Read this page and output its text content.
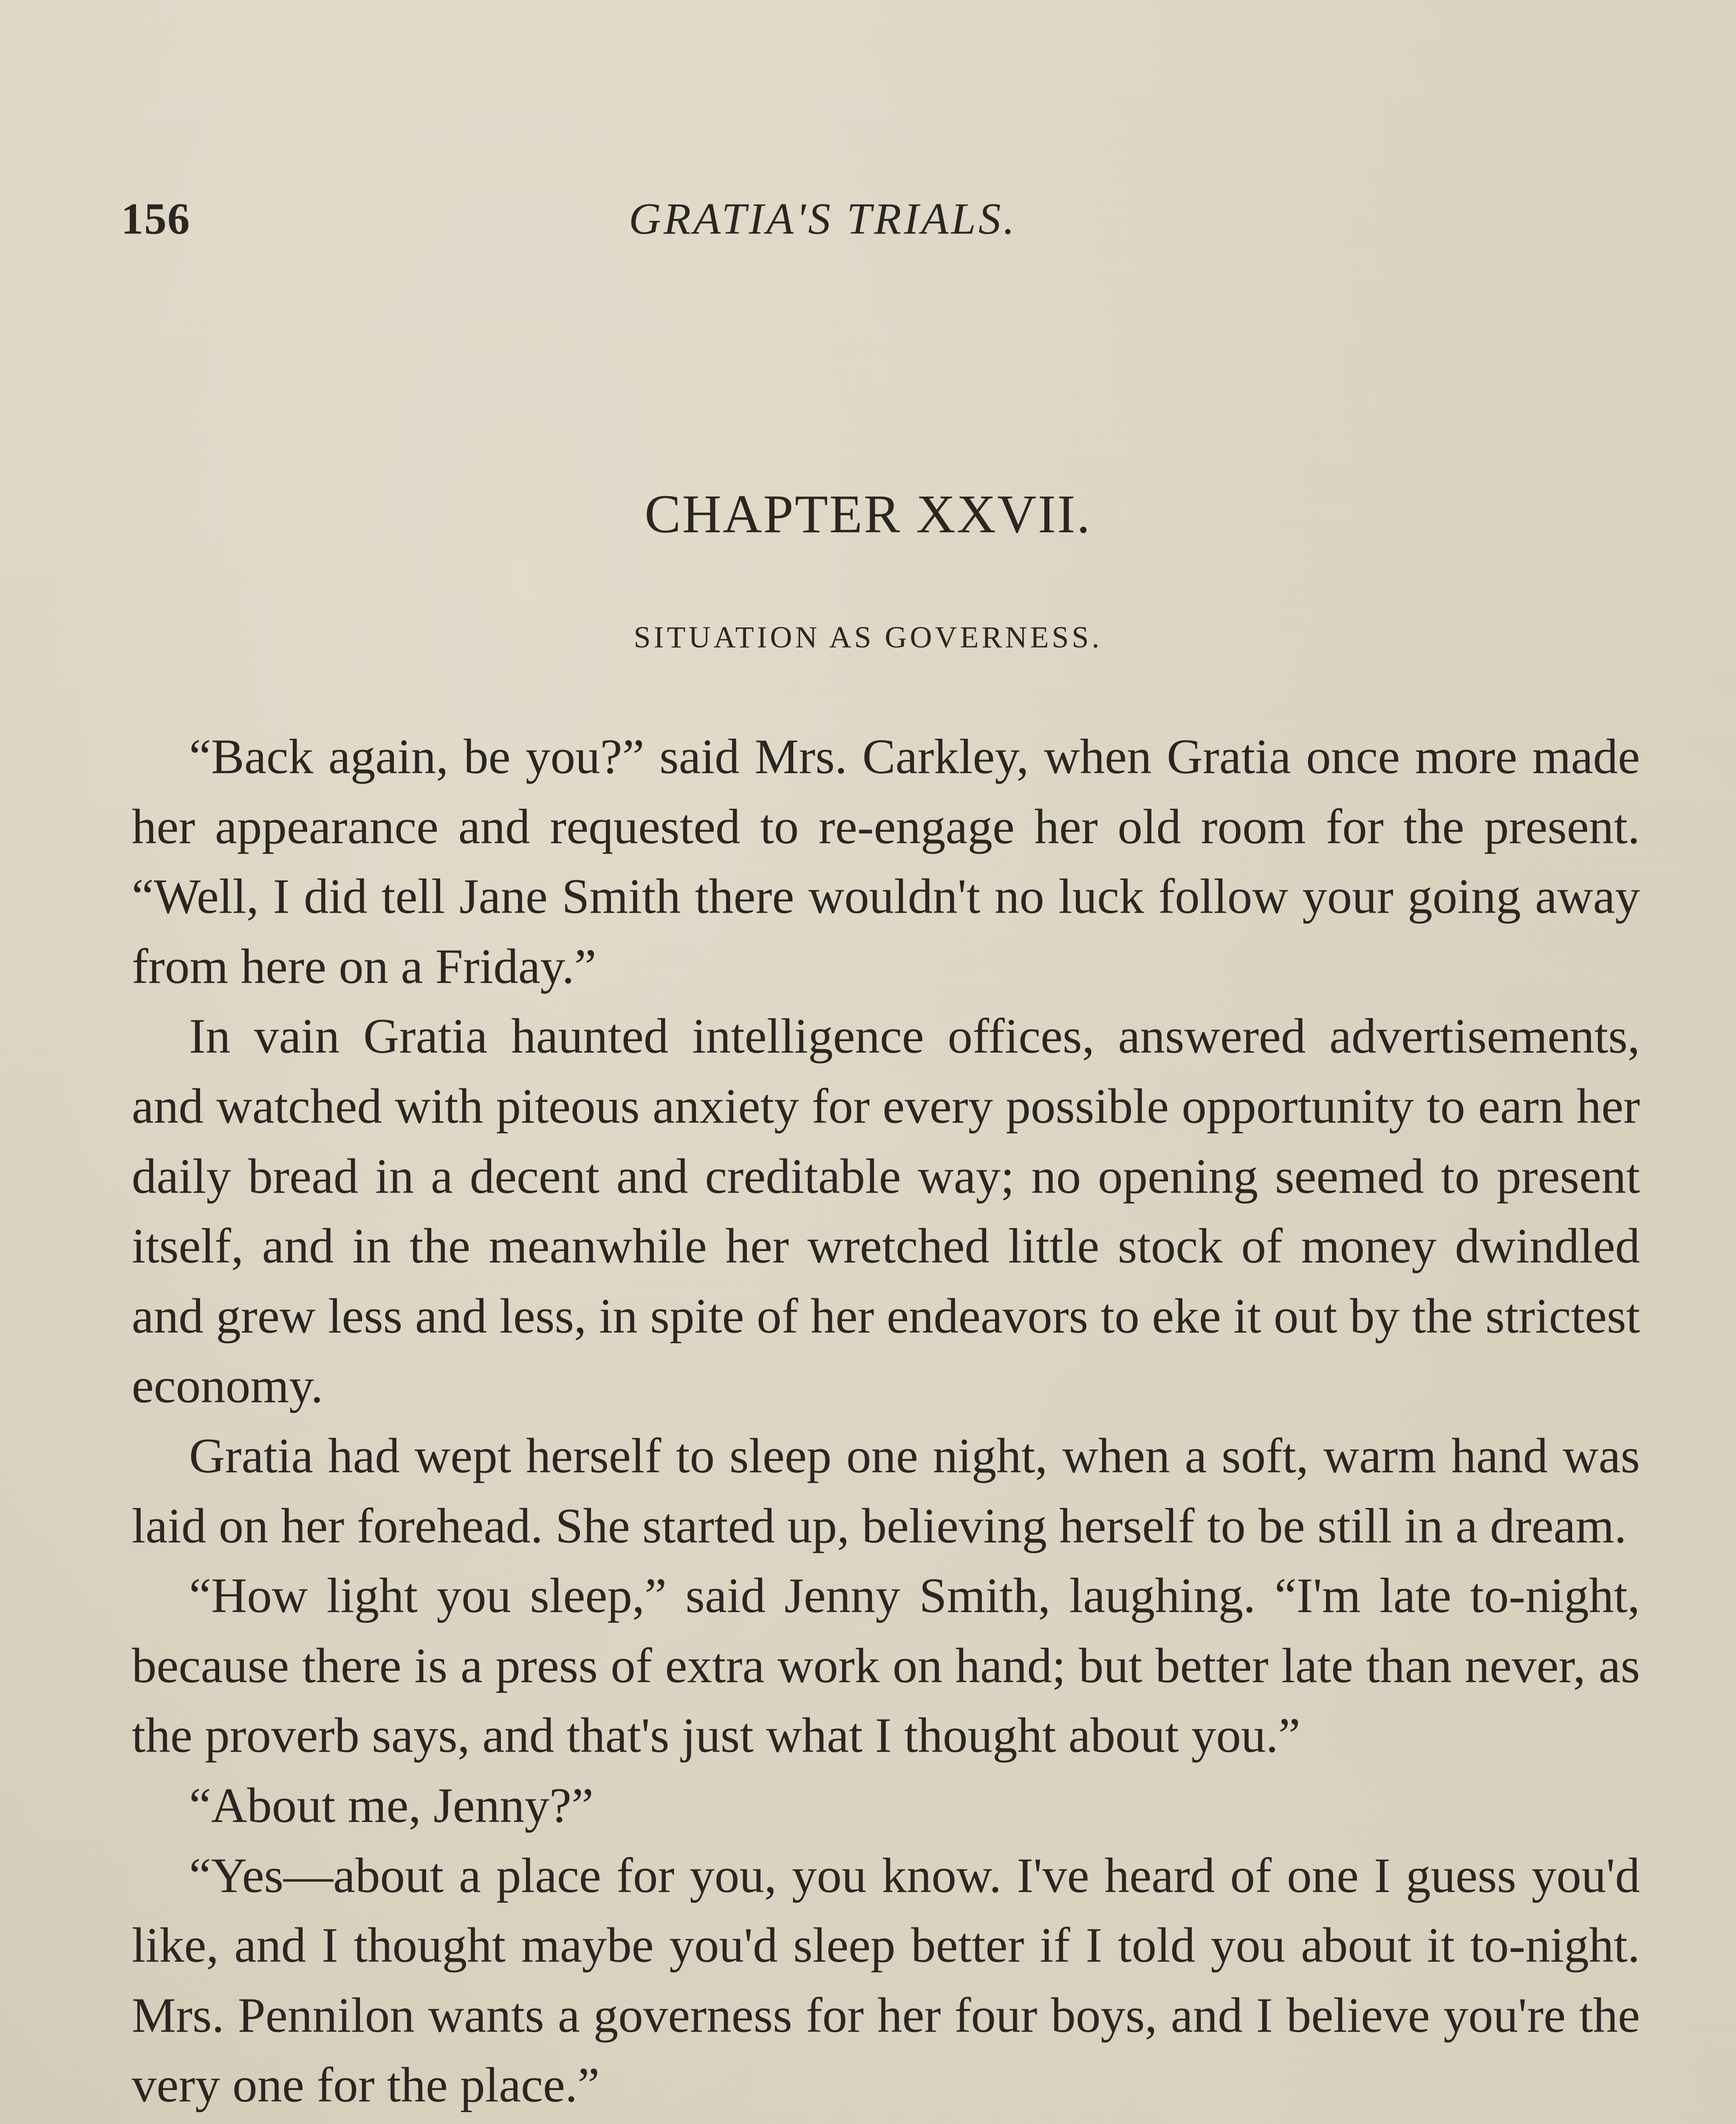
156	GRATIA'S TRIALS.
CHAPTER XXVII.
SITUATION AS GOVERNESS.

“Back again, be you?” said Mrs. Carkley, when Gratia once more made her appearance and requested to re-engage her old room for the present. “Well, I did tell Jane Smith there wouldn't no luck follow your going away from here on a Friday.”

In vain Gratia haunted intelligence offices, answered advertisements, and watched with piteous anxiety for every possible opportunity to earn her daily bread in a decent and creditable way; no opening seemed to present itself, and in the meanwhile her wretched little stock of money dwindled and grew less and less, in spite of her endeavors to eke it out by the strictest economy.

Gratia had wept herself to sleep one night, when a soft, warm hand was laid on her forehead. She started up, believing herself to be still in a dream.

“How light you sleep,” said Jenny Smith, laughing. “I'm late to-night, because there is a press of extra work on hand; but better late than never, as the proverb says, and that's just what I thought about you.”

“About me, Jenny?”

“Yes—about a place for you, you know. I've heard of one I guess you'd like, and I thought maybe you'd sleep better if I told you about it to-night. Mrs. Pennilon wants a governess for her four boys, and I believe you're the very one for the place.”
